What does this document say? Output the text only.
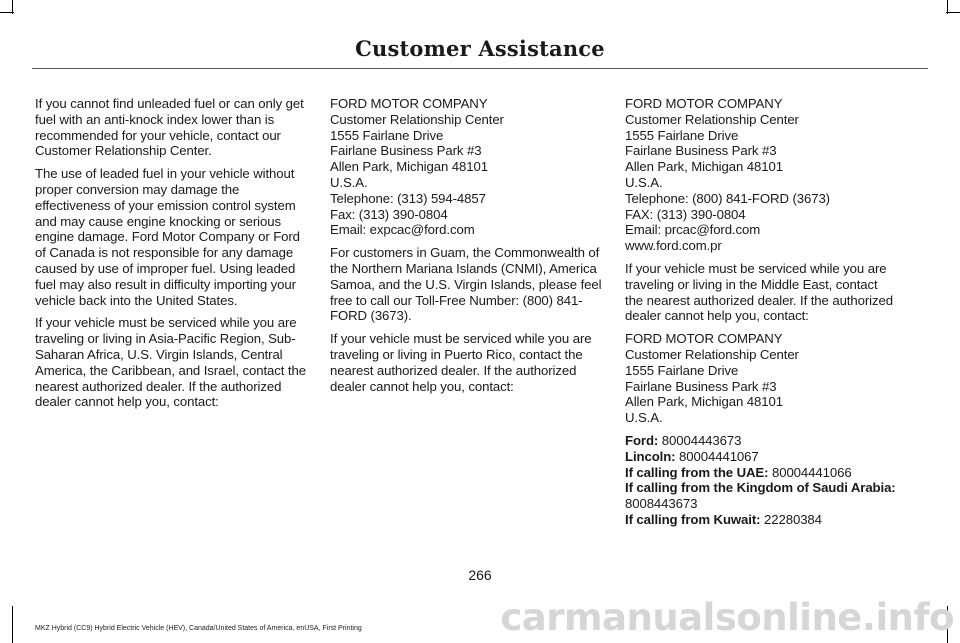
Customer Assistance

If you cannot find unleaded fuel or can only get fuel with an anti-knock index lower than is recommended for your vehicle, contact our Customer Relationship Center.

The use of leaded fuel in your vehicle without proper conversion may damage the effectiveness of your emission control system and may cause engine knocking or serious engine damage. Ford Motor Company or Ford of Canada is not responsible for any damage caused by use of improper fuel. Using leaded fuel may also result in difficulty importing your vehicle back into the United States.

If your vehicle must be serviced while you are traveling or living in Asia-Pacific Region, Sub-Saharan Africa, U.S. Virgin Islands, Central America, the Caribbean, and Israel, contact the nearest authorized dealer. If the authorized dealer cannot help you, contact:

FORD MOTOR COMPANY
Customer Relationship Center
1555 Fairlane Drive
Fairlane Business Park #3
Allen Park, Michigan 48101
U.S.A.
Telephone: (313) 594-4857
Fax: (313) 390-0804
Email: expcac@ford.com

For customers in Guam, the Commonwealth of the Northern Mariana Islands (CNMI), America Samoa, and the U.S. Virgin Islands, please feel free to call our Toll-Free Number: (800) 841-FORD (3673).

If your vehicle must be serviced while you are traveling or living in Puerto Rico, contact the nearest authorized dealer. If the authorized dealer cannot help you, contact:

FORD MOTOR COMPANY
Customer Relationship Center
1555 Fairlane Drive
Fairlane Business Park #3
Allen Park, Michigan 48101
U.S.A.
Telephone: (800) 841-FORD (3673)
FAX: (313) 390-0804
Email: prcac@ford.com
www.ford.com.pr

If your vehicle must be serviced while you are traveling or living in the Middle East, contact the nearest authorized dealer. If the authorized dealer cannot help you, contact:

FORD MOTOR COMPANY
Customer Relationship Center
1555 Fairlane Drive
Fairlane Business Park #3
Allen Park, Michigan 48101
U.S.A.
Ford: 80004443673
Lincoln: 80004441067
If calling from the UAE: 80004441066
If calling from the Kingdom of Saudi Arabia:
8008443673
If calling from Kuwait: 22280384
266
MKZ Hybrid (CC9) Hybrid Electric Vehicle (HEV), Canada/United States of America, enUSA, First Printing	carmanualsonline.info
